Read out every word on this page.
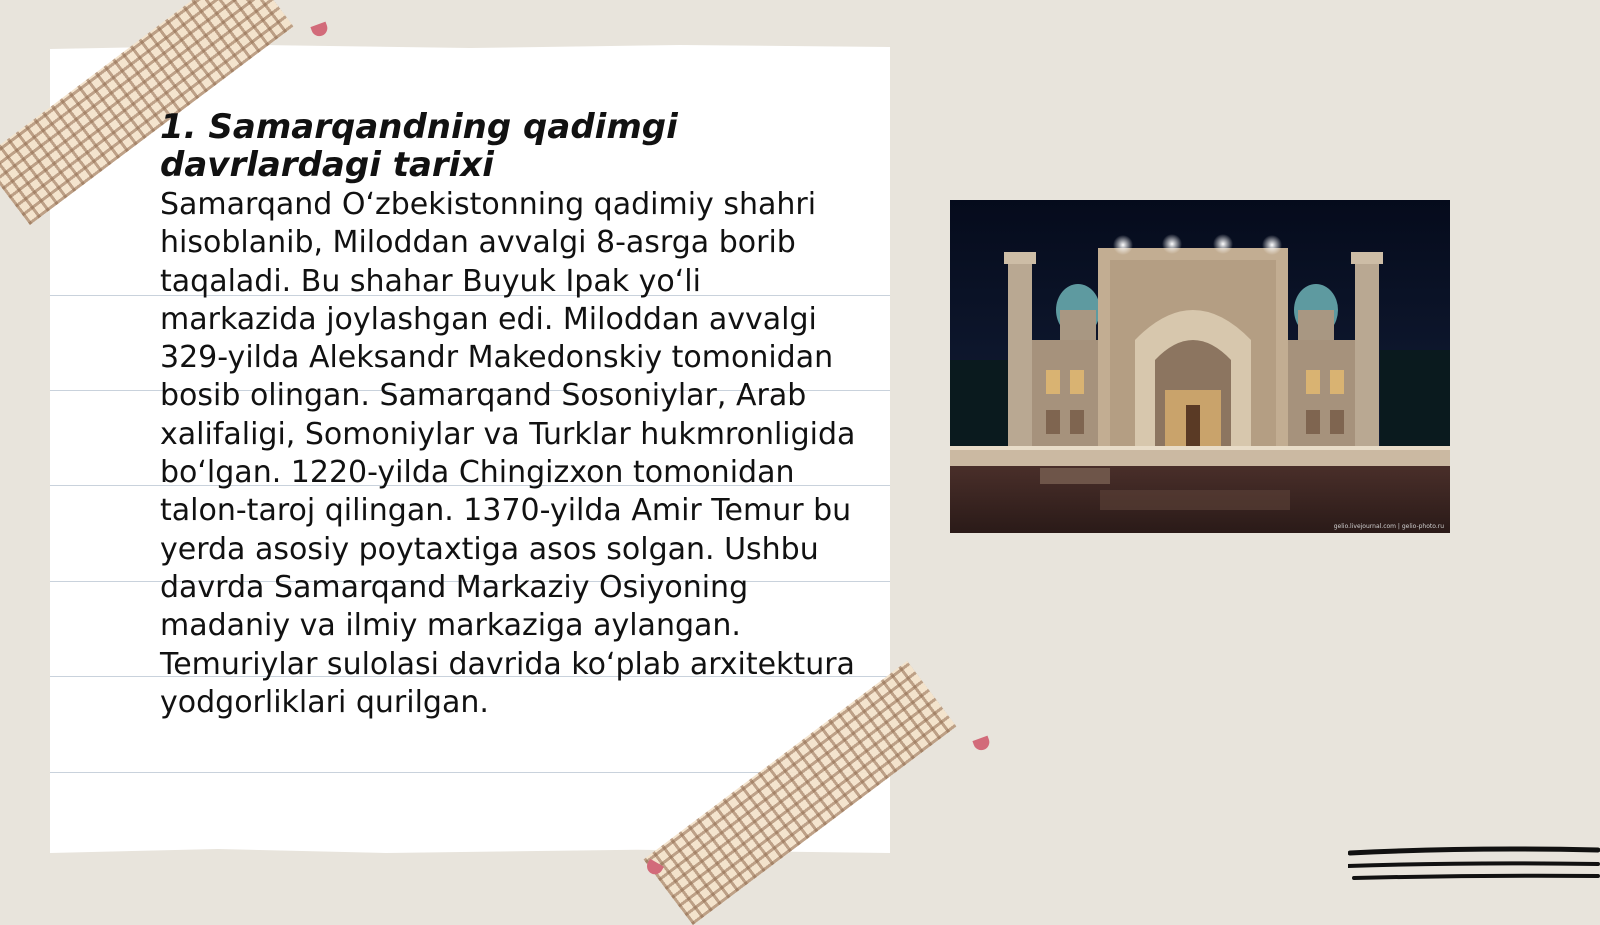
1. Samarqandning qadimgi davrlardagi tarixi

Samarqand O‘zbekistonning qadimiy shahri hisoblanib, Miloddan avvalgi 8-asrga borib taqaladi. Bu shahar Buyuk Ipak yo‘li markazida joylashgan edi. Miloddan avvalgi 329-yilda Aleksandr Makedonskiy tomonidan bosib olingan. Samarqand Sosoniylar, Arab xalifaligi, Somoniylar va Turklar hukmronligida bo‘lgan. 1220-yilda Chingizxon tomonidan talon-taroj qilingan. 1370-yilda Amir Temur bu yerda asosiy poytaxtiga asos solgan. Ushbu davrda Samarqand Markaziy Osiyoning madaniy va ilmiy markaziga aylangan. Temuriylar sulolasi davrida ko‘plab arxitektura yodgorliklari qurilgan.

gelio.livejournal.com | gelio-photo.ru
